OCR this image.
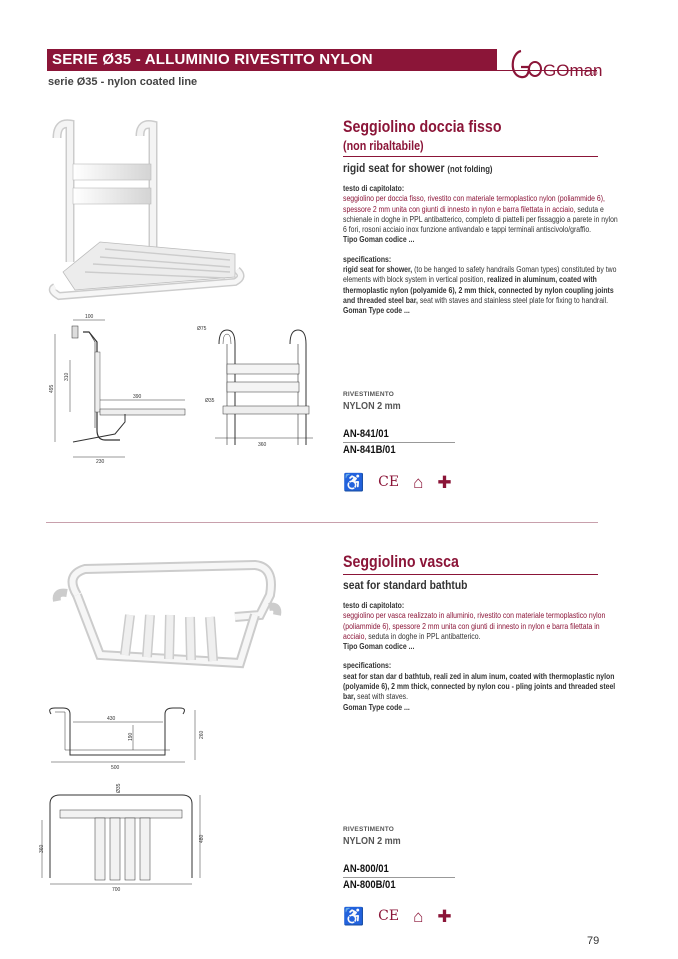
SERIE Ø35 - ALLUMINIO RIVESTITO NYLON
serie Ø35 - nylon coated line
GOman
100
495
310
390
230
Ø75
Ø35
360
Seggiolino doccia fisso
(non ribaltabile)
rigid seat for shower (not folding)
testo di capitolato:
seggiolino per doccia fisso, rivestito con materiale termoplastico nylon (poliammide 6), spessore 2 mm unita con giunti di innesto in nylon e barra filettata in acciaio, seduta e schienale in doghe in PPL antibatterico, completo di piattelli per fissaggio a parete in nylon 6 fori, rosoni acciaio inox funzione antivandalo e tappi terminali antiscivolo/graffio.
Tipo Goman codice ...
specifications:
rigid seat for shower, (to be hanged to safety handrails Goman types) constituted by two elements with block system in vertical position, realized in aluminum, coated with thermoplastic nylon (polyamide 6), 2 mm thick, connected by nylon coupling joints and threaded steel bar, seat with staves and stainless steel plate for fixing to handrail.
Goman Type code ...
RIVESTIMENTO
NYLON 2 mm
AN-841/01
AN-841B/01
♿ CE ⌂ ✚
430
190	260
500
Ø35
360
480
700
Seggiolino vasca
seat for standard bathtub
testo di capitolato:
seggiolino per vasca realizzato in alluminio, rivestito con materiale termoplastico nylon (poliammide 6), spessore 2 mm unita con giunti di innesto in nylon e barra filettata in acciaio, seduta in doghe in PPL antibatterico.
Tipo Goman codice ...
specifications:
seat for stan dar d bathtub, reali zed in alum inum, coated with thermoplastic nylon (polyamide 6), 2 mm thick, connected by nylon cou - pling joints and threaded steel bar, seat with staves.
Goman Type code ...
RIVESTIMENTO
NYLON 2 mm
AN-800/01
AN-800B/01
♿ CE ⌂ ✚
79
